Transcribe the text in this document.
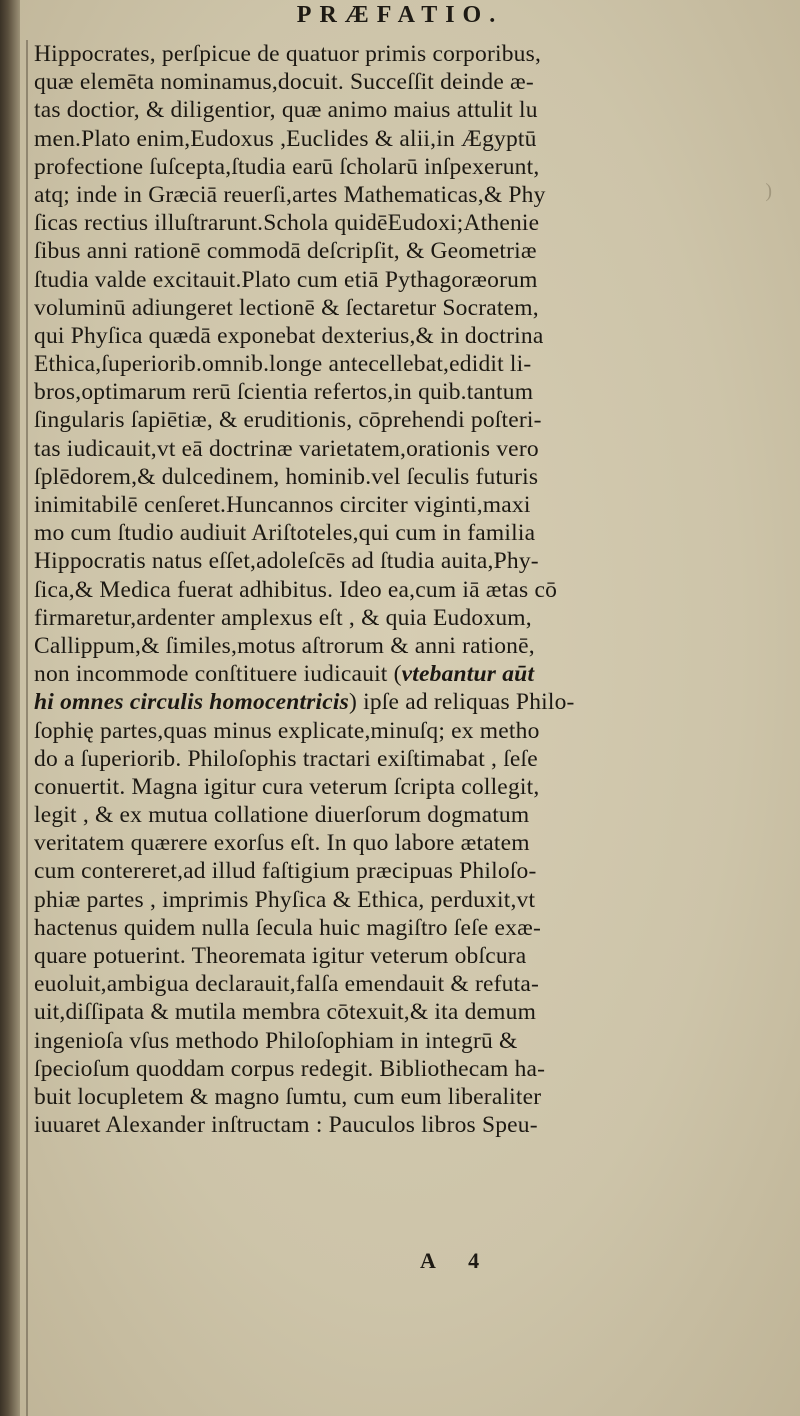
PRÆFATIO.
Hippocrates, perſpicue de quatuor primis corporibus,
quæ elemēta nominamus,docuit. Succeſſit deinde æ-
tas doctior, & diligentior, quæ animo maius attulit lu
men.Plato enim,Eudoxus ,Euclides & alii,in Ægyptū
profectione ſuſcepta,ſtudia earū ſcholarū inſpexerunt,
atq; inde in Græciā reuerſi,artes Mathematicas,& Phy
ſicas rectius illuſtrarunt.Schola quidēEudoxi;Athenie
ſibus anni rationē commodā deſcripſit, & Geometriæ
ſtudia valde excitauit.Plato cum etiā Pythagoræorum
voluminū adiungeret lectionē & ſectaretur Socratem,
qui Phyſica quædā exponebat dexterius,& in doctrina
Ethica,ſuperiorib.omnib.longe antecellebat,edidit li-
bros,optimarum rerū ſcientia refertos,in quib.tantum
ſingularis ſapiētiæ, & eruditionis, cōprehendi poſteri-
tas iudicauit,vt eā doctrinæ varietatem,orationis vero
ſplēdorem,& dulcedinem, hominib.vel ſeculis futuris
inimitabilē cenſeret.Huncannos circiter viginti,maxi
mo cum ſtudio audiuit Ariſtoteles,qui cum in familia
Hippocratis natus eſſet,adoleſcēs ad ſtudia auita,Phy-
ſica,& Medica fuerat adhibitus. Ideo ea,cum iā ætas cō
firmaretur,ardenter amplexus eſt , & quia Eudoxum,
Callippum,& ſimiles,motus aſtrorum & anni rationē,
non incommode conſtituere iudicauit (vtebantur aūt
hi omnes circulis homocentricis) ipſe ad reliquas Philo-
ſophię partes,quas minus explicate,minuſq; ex metho
do a ſuperiorib. Philoſophis tractari exiſtimabat , ſeſe
conuertit. Magna igitur cura veterum ſcripta collegit,
legit , & ex mutua collatione diuerſorum dogmatum
veritatem quærere exorſus eſt. In quo labore ætatem
cum contereret,ad illud faſtigium præcipuas Philoſo-
phiæ partes , imprimis Phyſica & Ethica, perduxit,vt
hactenus quidem nulla ſecula huic magiſtro ſeſe exæ-
quare potuerint. Theoremata igitur veterum obſcura
euoluit,ambigua declarauit,falſa emendauit & refuta-
uit,diſſipata & mutila membra cōtexuit,& ita demum
ingenioſa vſus methodo Philoſophiam in integrū &
ſpecioſum quoddam corpus redegit. Bibliothecam ha-
buit locupletem & magno ſumtu, cum eum liberaliter
iuuaret Alexander inſtructam : Pauculos libros Speu-
A 4
)
